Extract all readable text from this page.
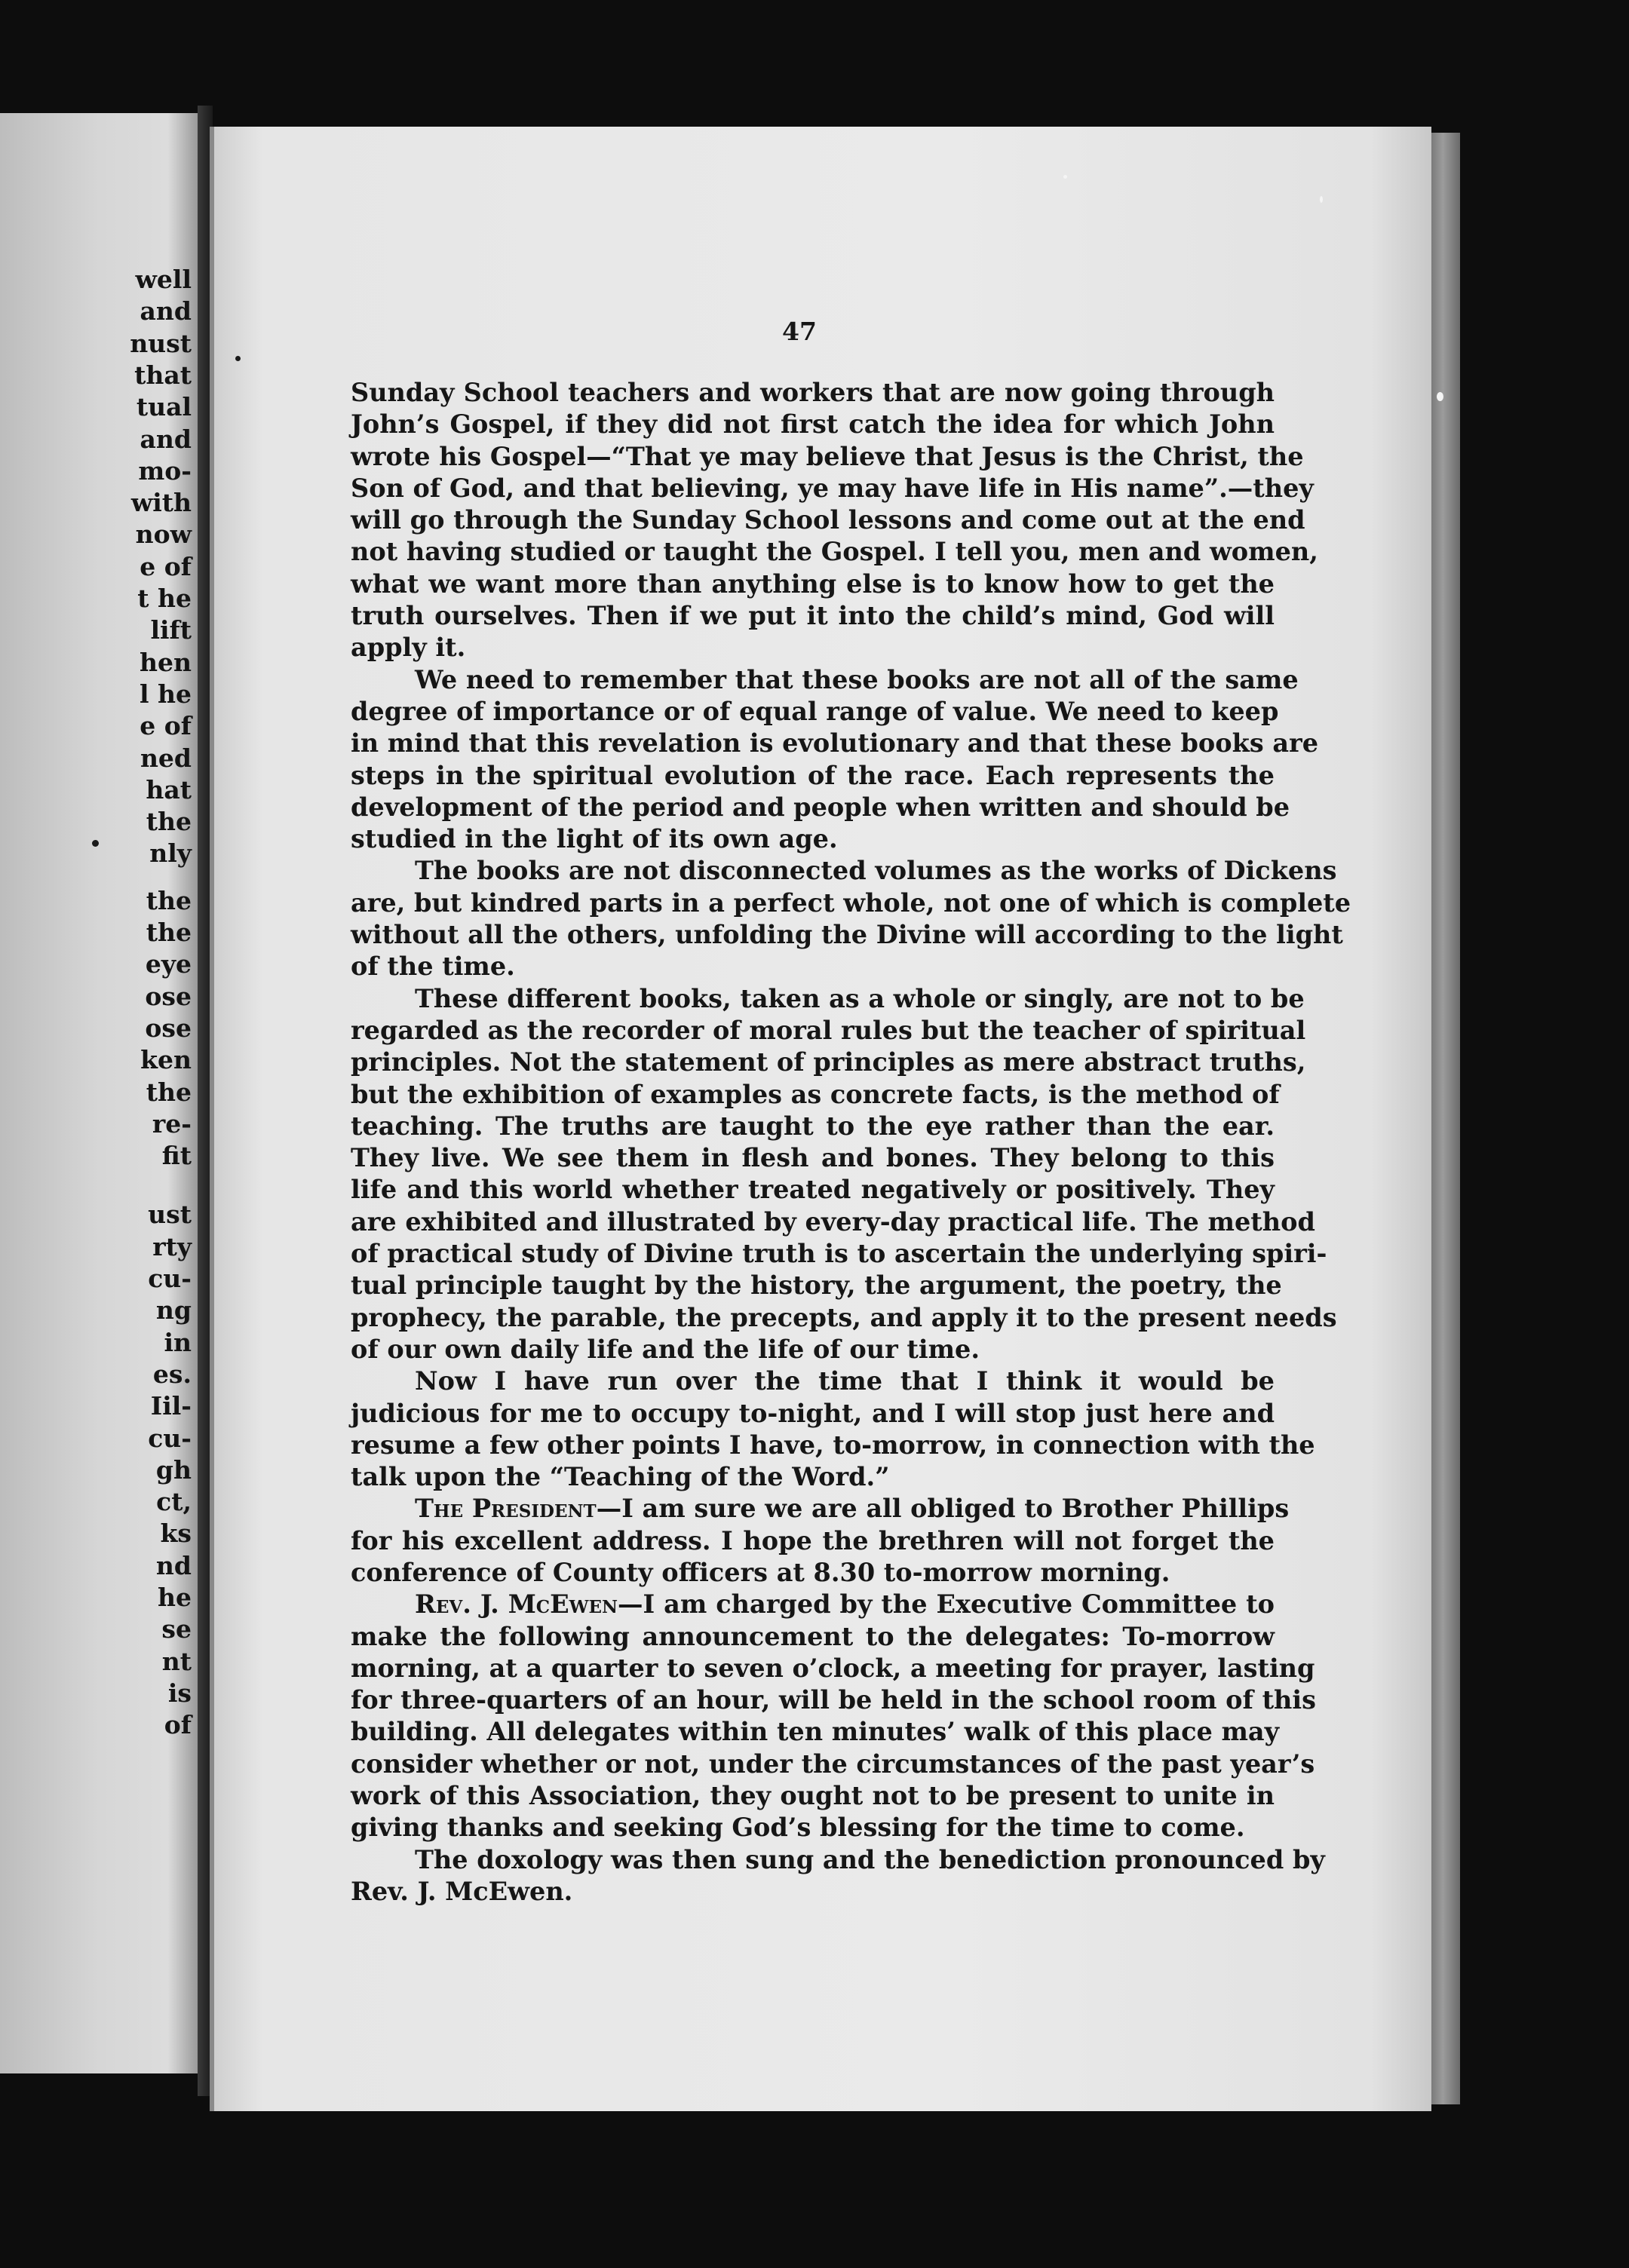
well
and
nust
that
tual
and
mo-
with
now
e of
t he
lift
hen
l he
e of
ned
hat
the
nly
the
the
eye
ose
ose
ken
the
re-
fit
ust
rty
cu-
ng
in
es.
Iil-
cu-
gh
ct,
ks
nd
he
se
nt
is
of
47
Sunday School teachers and workers that are now going through
John’s Gospel, if they did not first catch the idea for which John
wrote his Gospel—“That ye may believe that Jesus is the Christ, the
Son of God, and that believing, ye may have life in His name”.—they
will go through the Sunday School lessons and come out at the end
not having studied or taught the Gospel. I tell you, men and women,
what we want more than anything else is to know how to get the
truth ourselves. Then if we put it into the child’s mind, God will
apply it.
We need to remember that these books are not all of the same
degree of importance or of equal range of value. We need to keep
in mind that this revelation is evolutionary and that these books are
steps in the spiritual evolution of the race. Each represents the
development of the period and people when written and should be
studied in the light of its own age.
The books are not disconnected volumes as the works of Dickens
are, but kindred parts in a perfect whole, not one of which is complete
without all the others, unfolding the Divine will according to the light
of the time.
These different books, taken as a whole or singly, are not to be
regarded as the recorder of moral rules but the teacher of spiritual
principles. Not the statement of principles as mere abstract truths,
but the exhibition of examples as concrete facts, is the method of
teaching. The truths are taught to the eye rather than the ear.
They live. We see them in flesh and bones. They belong to this
life and this world whether treated negatively or positively. They
are exhibited and illustrated by every-day practical life. The method
of practical study of Divine truth is to ascertain the underlying spiri-
tual principle taught by the history, the argument, the poetry, the
prophecy, the parable, the precepts, and apply it to the present needs
of our own daily life and the life of our time.
Now I have run over the time that I think it would be
judicious for me to occupy to-night, and I will stop just here and
resume a few other points I have, to-morrow, in connection with the
talk upon the “Teaching of the Word.”
The President—I am sure we are all obliged to Brother Phillips
for his excellent address. I hope the brethren will not forget the
conference of County officers at 8.30 to-morrow morning.
Rev. J. McEwen—I am charged by the Executive Committee to
make the following announcement to the delegates: To-morrow
morning, at a quarter to seven o’clock, a meeting for prayer, lasting
for three-quarters of an hour, will be held in the school room of this
building. All delegates within ten minutes’ walk of this place may
consider whether or not, under the circumstances of the past year’s
work of this Association, they ought not to be present to unite in
giving thanks and seeking God’s blessing for the time to come.
The doxology was then sung and the benediction pronounced by
Rev. J. McEwen.
